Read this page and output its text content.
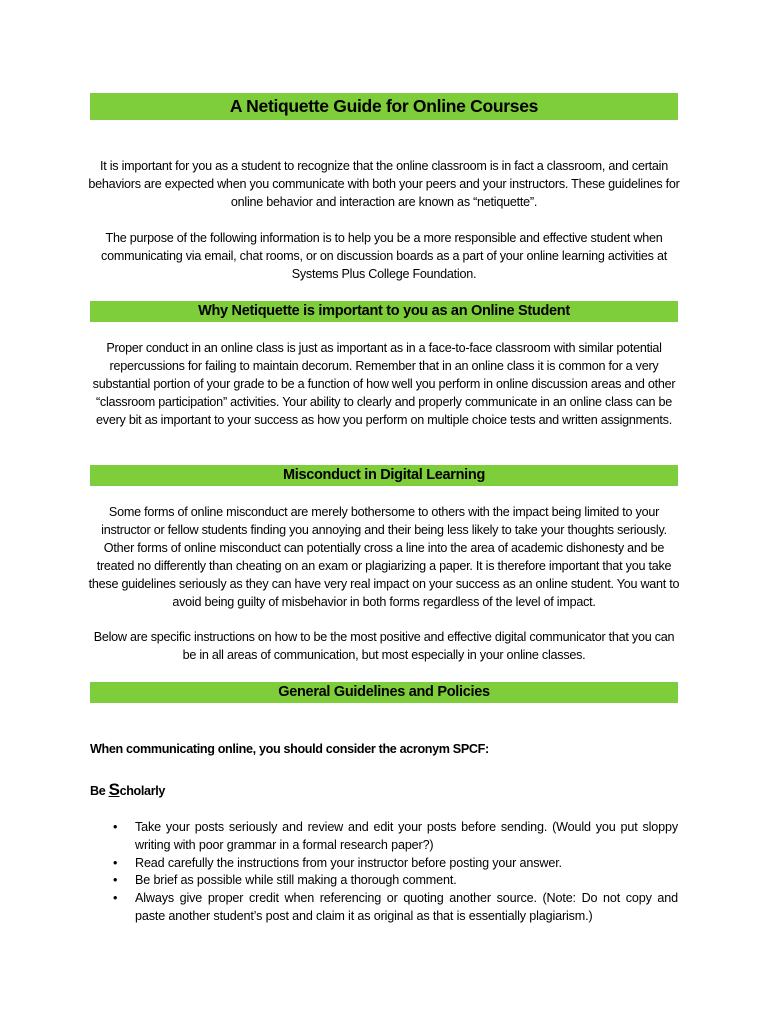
A Netiquette Guide for Online Courses

It is important for you as a student to recognize that the online classroom is in fact a classroom, and certain behaviors are expected when you communicate with both your peers and your instructors. These guidelines for online behavior and interaction are known as “netiquette”.

The purpose of the following information is to help you be a more responsible and effective student when communicating via email, chat rooms, or on discussion boards as a part of your online learning activities at Systems Plus College Foundation.

Why Netiquette is important to you as an Online Student

Proper conduct in an online class is just as important as in a face-to-face classroom with similar potential repercussions for failing to maintain decorum. Remember that in an online class it is common for a very substantial portion of your grade to be a function of how well you perform in online discussion areas and other “classroom participation” activities. Your ability to clearly and properly communicate in an online class can be every bit as important to your success as how you perform on multiple choice tests and written assignments.

Misconduct in Digital Learning

Some forms of online misconduct are merely bothersome to others with the impact being limited to your instructor or fellow students finding you annoying and their being less likely to take your thoughts seriously. Other forms of online misconduct can potentially cross a line into the area of academic dishonesty and be treated no differently than cheating on an exam or plagiarizing a paper. It is therefore important that you take these guidelines seriously as they can have very real impact on your success as an online student. You want to avoid being guilty of misbehavior in both forms regardless of the level of impact.

Below are specific instructions on how to be the most positive and effective digital communicator that you can be in all areas of communication, but most especially in your online classes.

General Guidelines and Policies
When communicating online, you should consider the acronym SPCF:
Be Scholarly
• Take your posts seriously and review and edit your posts before sending. (Would you put sloppy writing with poor grammar in a formal research paper?)
• Read carefully the instructions from your instructor before posting your answer.
• Be brief as possible while still making a thorough comment.
• Always give proper credit when referencing or quoting another source. (Note: Do not copy and paste another student’s post and claim it as original as that is essentially plagiarism.)
